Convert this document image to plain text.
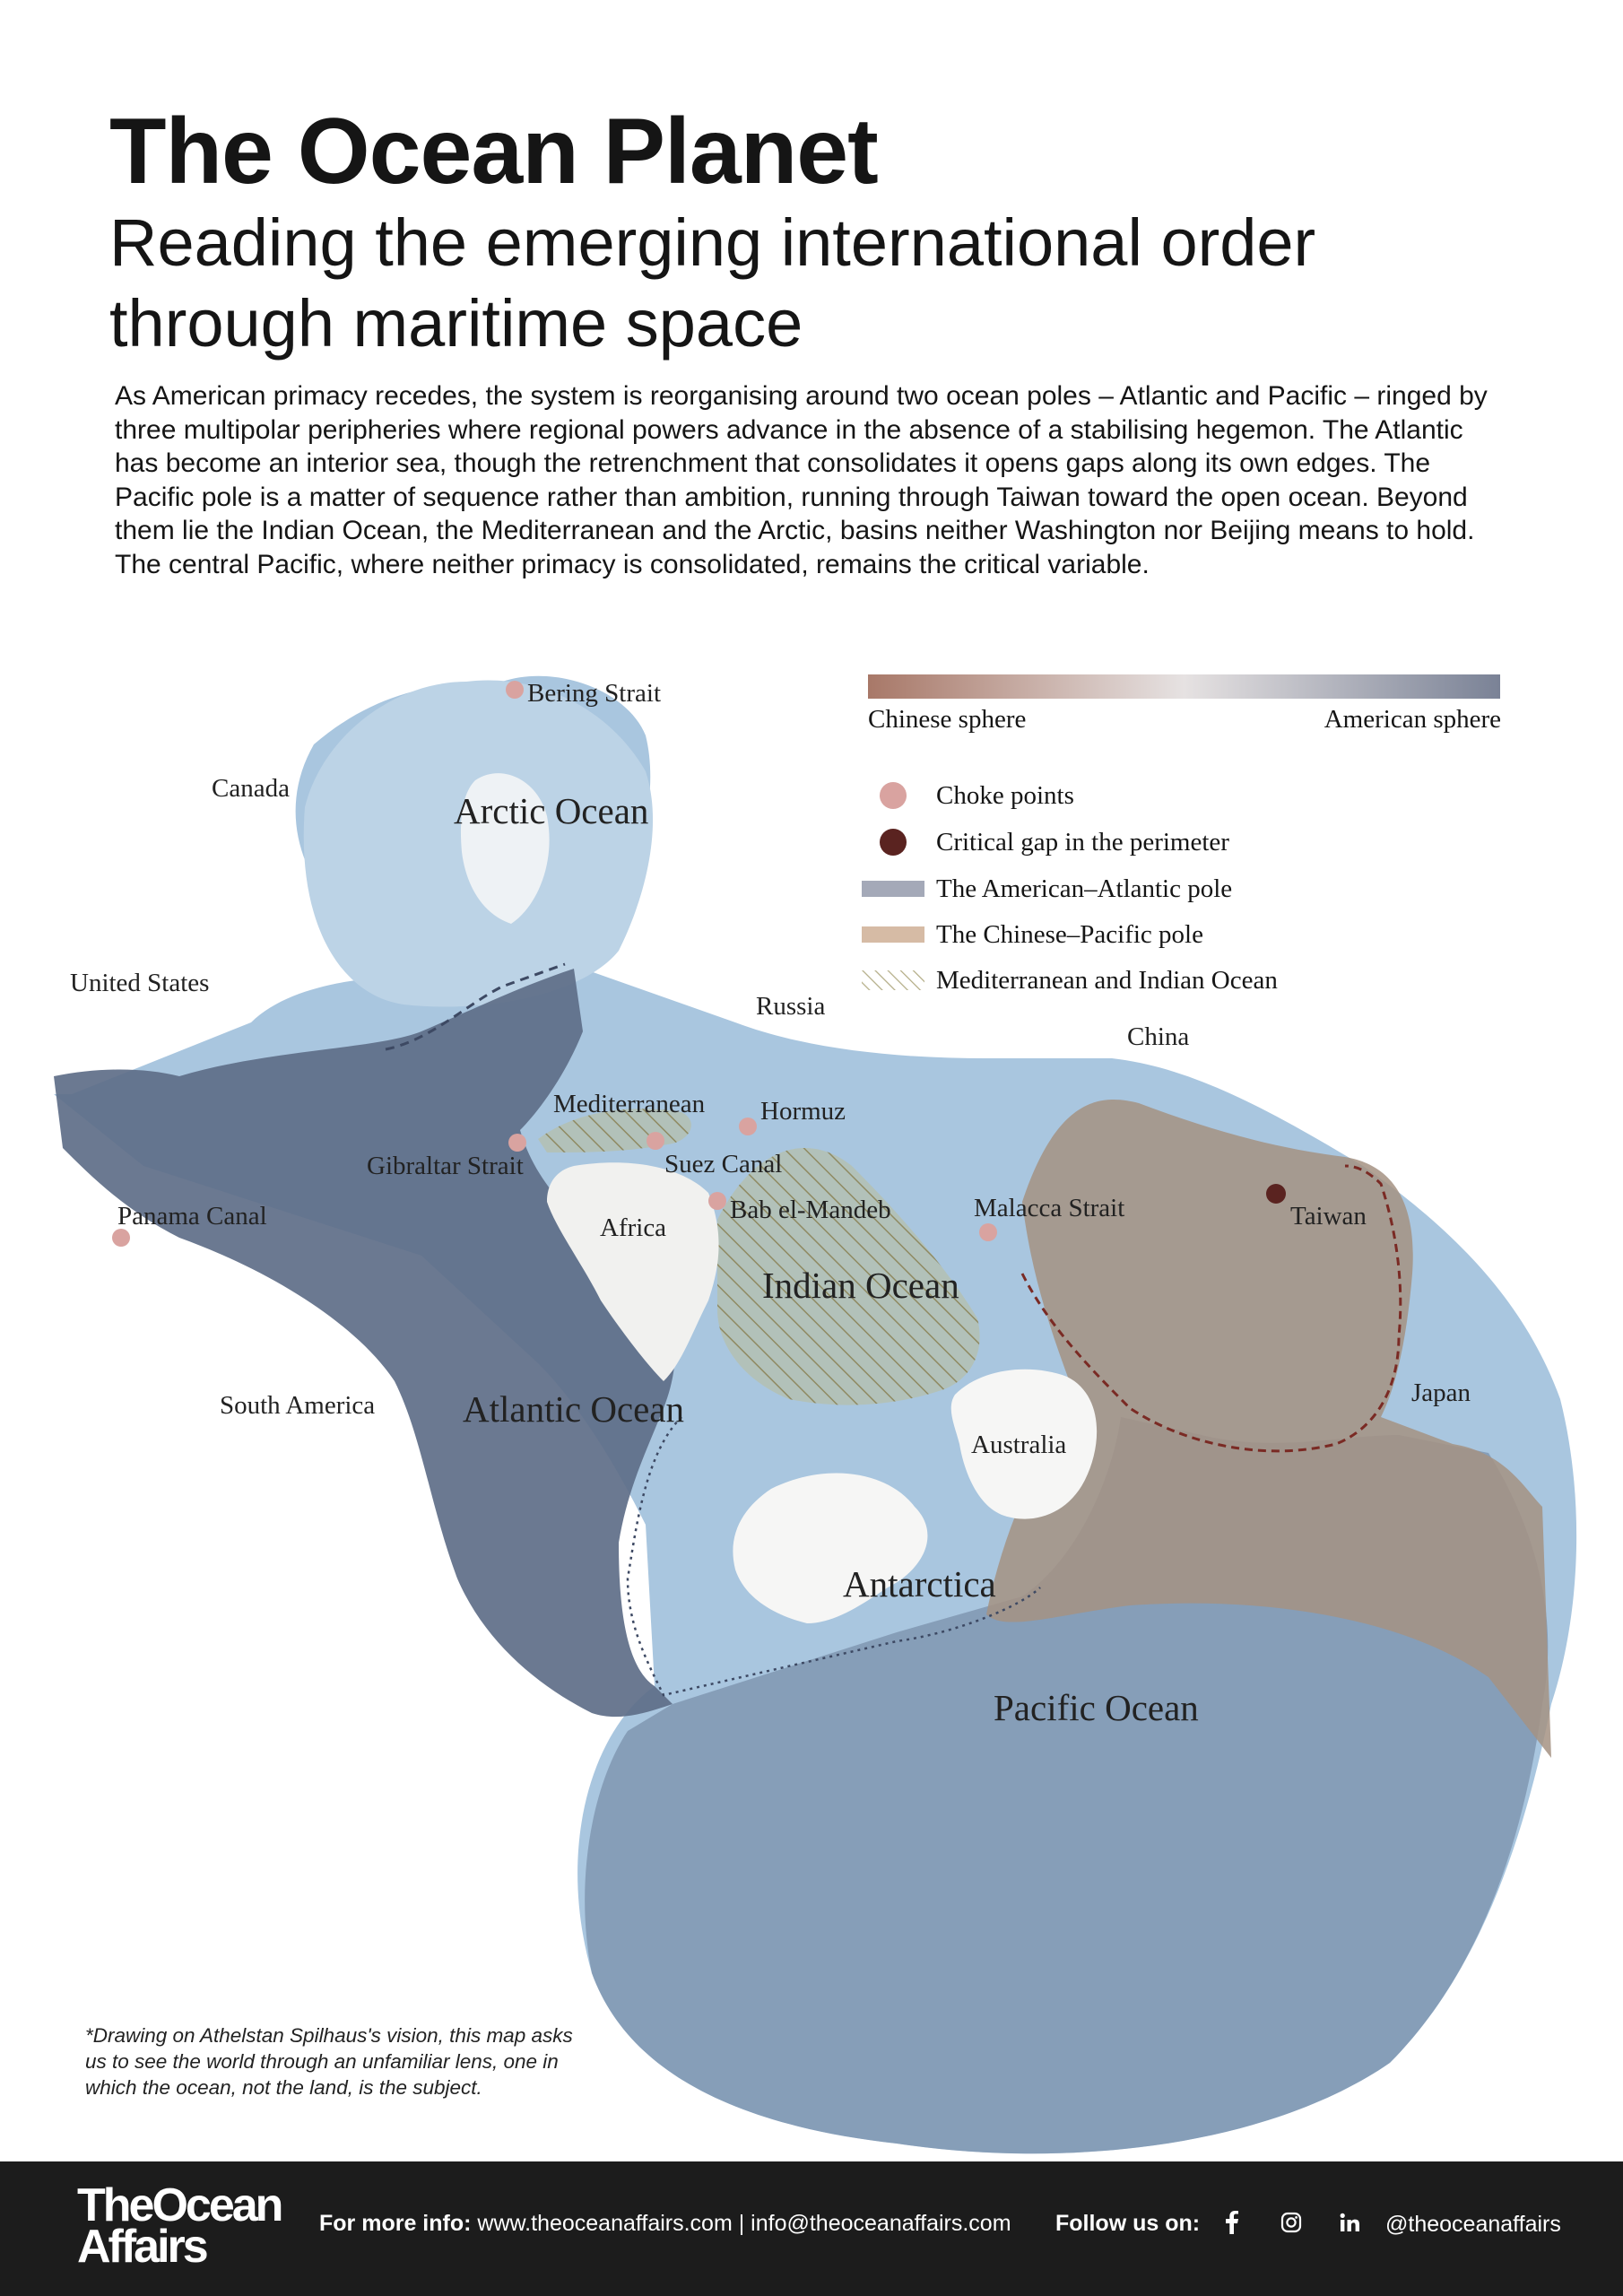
The Ocean Planet
Reading the emerging international order through maritime space

As American primacy recedes, the system is reorganising around two ocean poles – Atlantic and Pacific – ringed by three multipolar peripheries where regional powers advance in the absence of a stabilising hegemon. The Atlantic has become an interior sea, though the retrenchment that consolidates it opens gaps along its own edges. The Pacific pole is a matter of sequence rather than ambition, running through Taiwan toward the open ocean. Beyond them lie the Indian Ocean, the Mediterranean and the Arctic, basins neither Washington nor Beijing means to hold. The central Pacific, where neither primacy is consolidated, remains the critical variable.

Arctic Ocean
Atlantic Ocean
Indian Ocean
Antarctica
Pacific Ocean
Canada
United States
Russia
China
Africa
South America
Australia
Japan
Taiwan
Mediterranean
Bering Strait
Gibraltar Strait
Panama Canal
Suez Canal
Hormuz
Bab el-Mandeb	Malacca Strait
Chinese sphere	American sphere
Choke points
Critical gap in the perimeter
The American–Atlantic pole
The Chinese–Pacific pole
Mediterranean and Indian Ocean

*Drawing on Athelstan Spilhaus's vision, this map asks us to see the world through an unfamiliar lens, one in which the ocean, not the land, is the subject.

TheOcean
Affairs	For more info: www.theoceanaffairs.com | info@theoceanaffairs.com Follow us on:	@theoceanaffairs
